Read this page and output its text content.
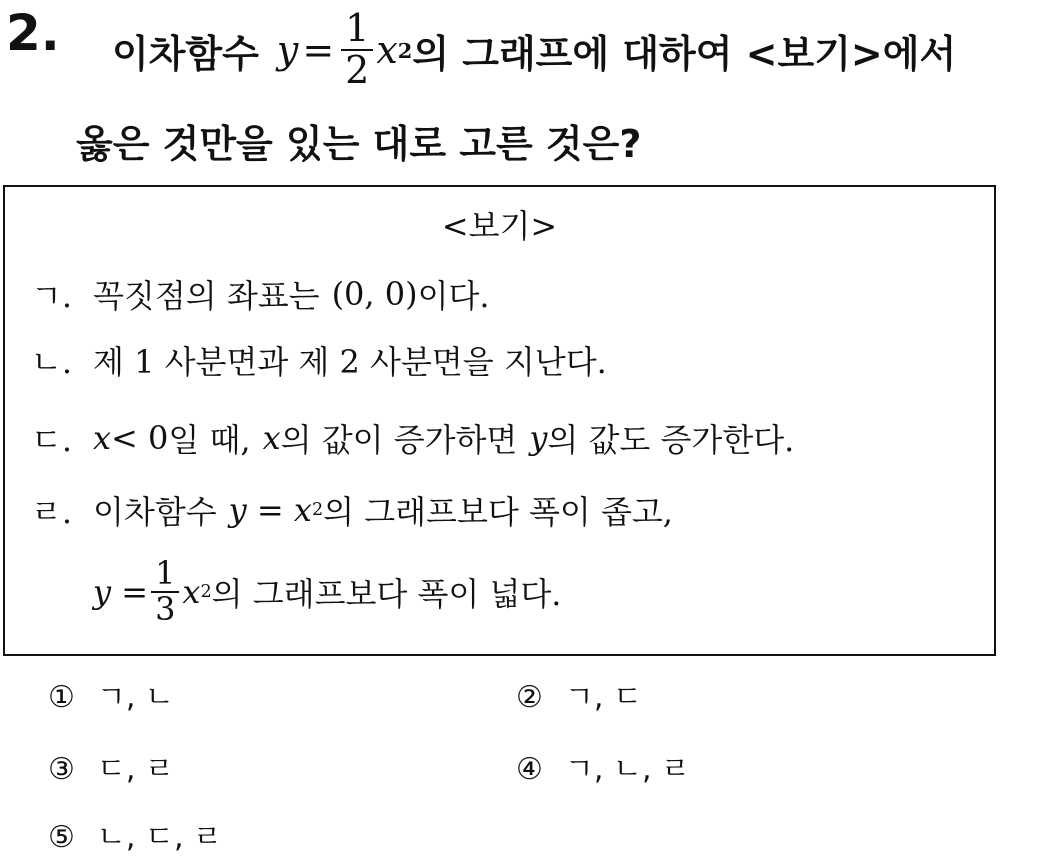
2. 이차함수 $y = \frac{1}{2}$ x 2 의 그래프에 대하여 <보기>에서
옳은 것만을 있는 대로 고른 것은?
<보기>
ㄱ. 꼭짓점의 좌표는 (0, 0) 이다.
ㄴ. 제 1 사분면과 제 2 사분면을 지난다.
ㄷ. x < 0 일 때, x 의 값이 증가하면 y 의 값도 증가한다.
ㄹ. 이차함수 y = x 2 의 그래프보다 폭이 좁고,
$y = \frac{1}{3}$ x 2 의 그래프보다 폭이 넓다.
① ㄱ, ㄴ	② ㄱ, ㄷ
③ ㄷ, ㄹ	④ ㄱ, ㄴ, ㄹ
⑤ ㄴ, ㄷ, ㄹ
